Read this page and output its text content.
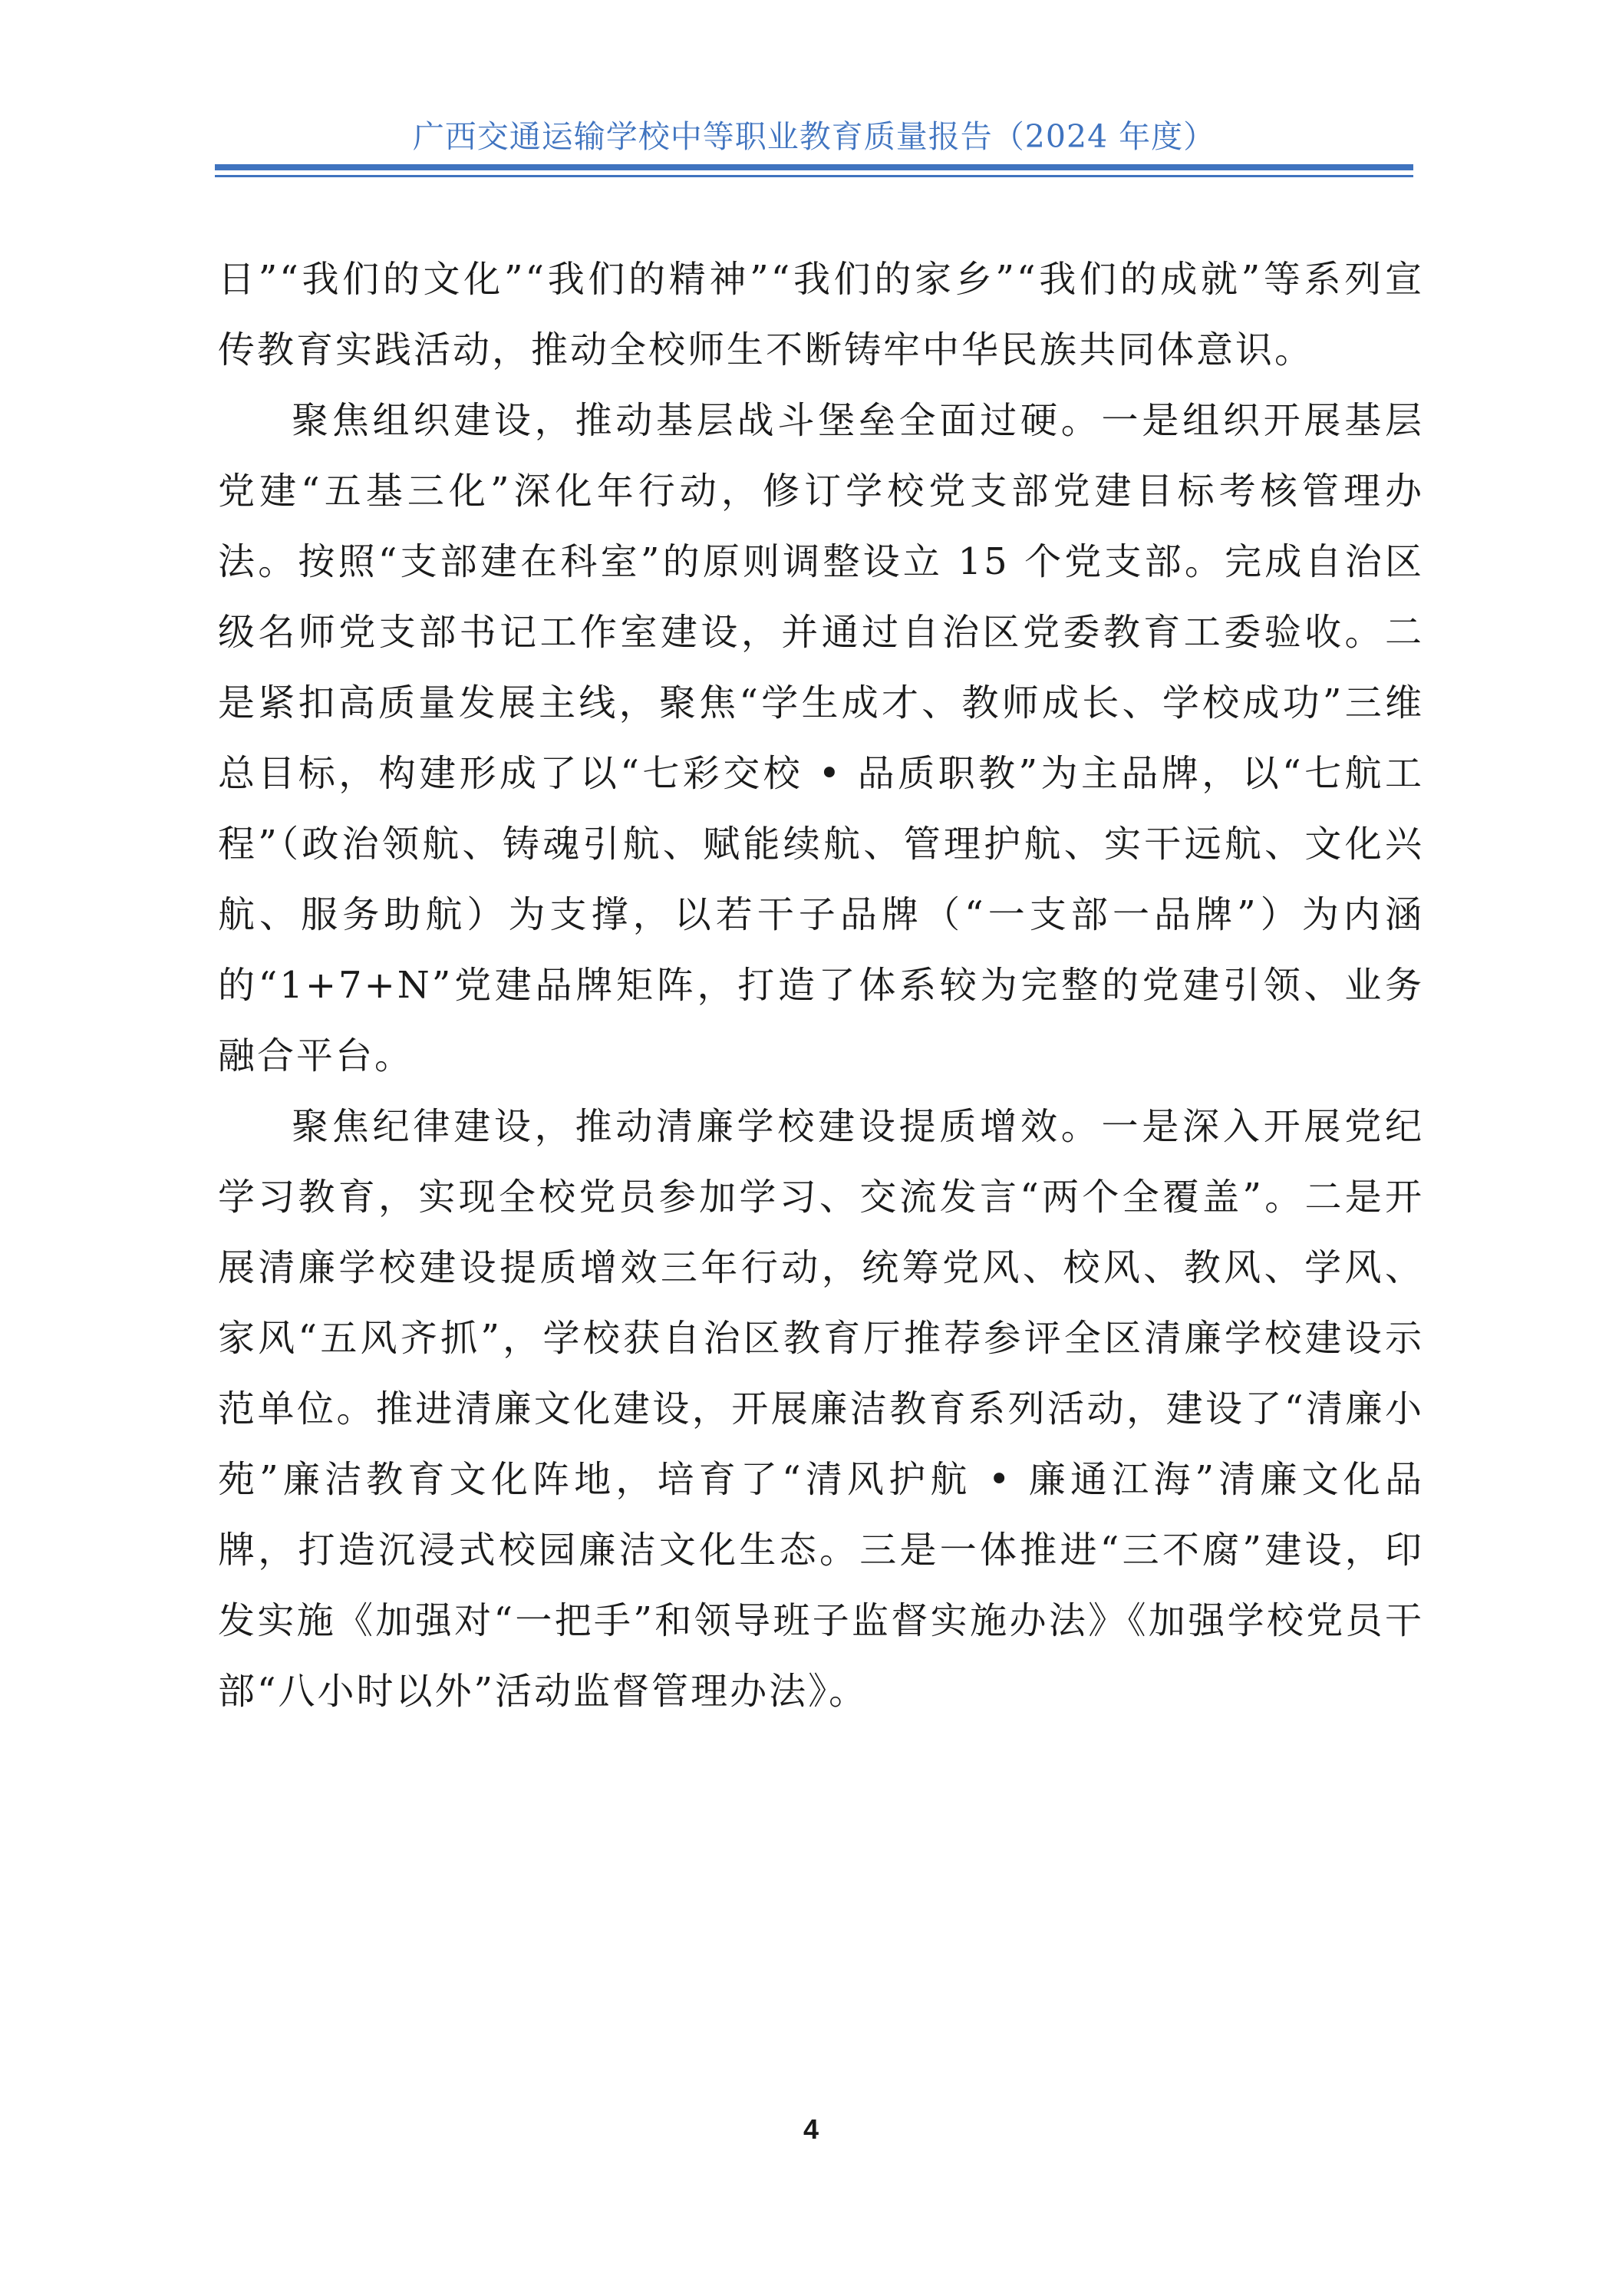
广西交通运输学校中等职业教育质量报告（2024 年度）

日”“我们的文化”“我们的精神”“我们的家乡”“我们的成就”等系列宣传教育实践活动，推动全校师生不断铸牢中华民族共同体意识。

聚焦组织建设，推动基层战斗堡垒全面过硬。一是组织开展基层党建“五基三化”深化年行动，修订学校党支部党建目标考核管理办法。按照“支部建在科室”的原则调整设立 15 个党支部。完成自治区级名师党支部书记工作室建设，并通过自治区党委教育工委验收。二是紧扣高质量发展主线，聚焦“学生成才、教师成长、学校成功”三维总目标，构建形成了以“七彩交校 • 品质职教”为主品牌，以“七航工程”（政治领航、铸魂引航、赋能续航、管理护航、实干远航、文化兴航、服务助航）为支撑，以若干子品牌（“一支部一品牌”）为内涵的“1+7+N”党建品牌矩阵，打造了体系较为完整的党建引领、业务融合平台。

聚焦纪律建设，推动清廉学校建设提质增效。一是深入开展党纪学习教育，实现全校党员参加学习、交流发言“两个全覆盖”。二是开展清廉学校建设提质增效三年行动，统筹党风、校风、教风、学风、家风“五风齐抓”，学校获自治区教育厅推荐参评全区清廉学校建设示范单位。推进清廉文化建设，开展廉洁教育系列活动，建设了“清廉小苑”廉洁教育文化阵地，培育了“清风护航 • 廉通江海”清廉文化品牌，打造沉浸式校园廉洁文化生态。三是一体推进“三不腐”建设，印发实施《加强对“一把手”和领导班子监督实施办法》《加强学校党员干部“八小时以外”活动监督管理办法》。

4
